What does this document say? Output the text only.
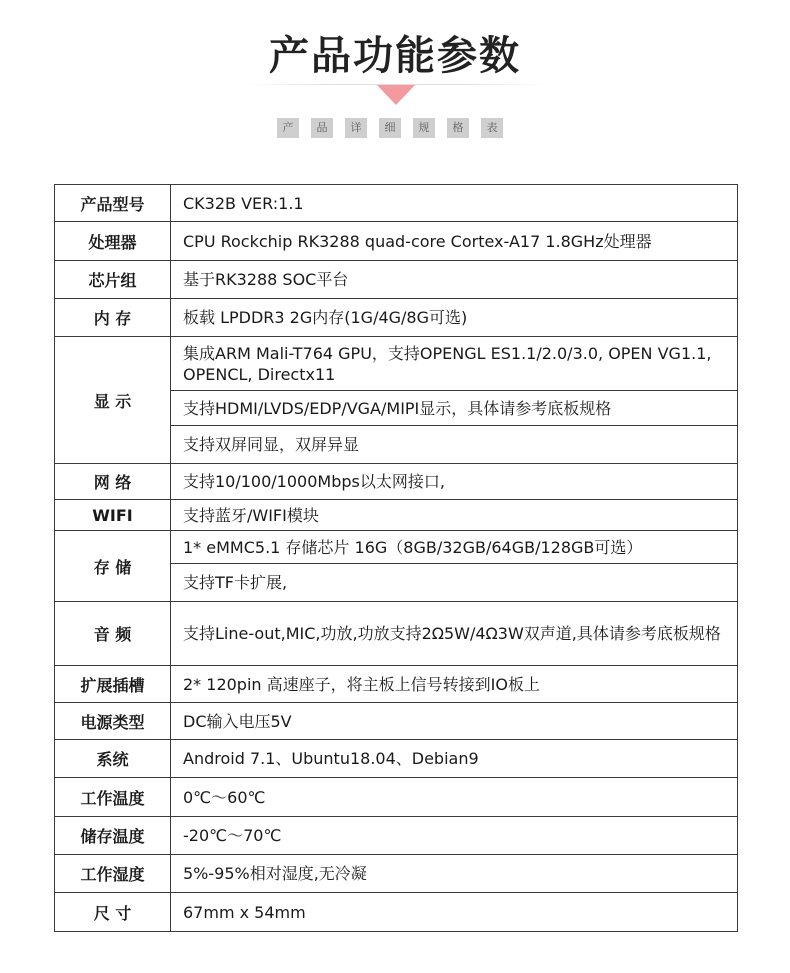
产品功能参数
产	品	详	细	规	格	表
产品型号	CK32B VER:1.1
处理器	CPU Rockchip RK3288 quad-core Cortex-A17 1.8GHz处理器
芯片组	基于RK3288 SOC平台
内 存	板载 LPDDR3 2G内存(1G/4G/8G可选)
显 示	集成ARM Mali-T764 GPU，支持OPENGL ES1.1/2.0/3.0, OPEN VG1.1, OPENCL, Directx11
	支持HDMI/LVDS/EDP/VGA/MIPI显示，具体请参考底板规格
	支持双屏同显，双屏异显
网 络	支持10/100/1000Mbps以太网接口,
WIFI	支持蓝牙/WIFI模块
存 储	1* eMMC5.1 存储芯片 16G（8GB/32GB/64GB/128GB可选）
	支持TF卡扩展,
音 频	支持Line-out,MIC,功放,功放支持2Ω5W/4Ω3W双声道,具体请参考底板规格
扩展插槽	2* 120pin 高速座子，将主板上信号转接到IO板上
电源类型	DC输入电压5V
系统	Android 7.1、Ubuntu18.04、Debian9
工作温度	0℃～60℃
储存温度	-20℃～70℃
工作湿度	5%-95%相对湿度,无冷凝
尺 寸	67mm x 54mm
